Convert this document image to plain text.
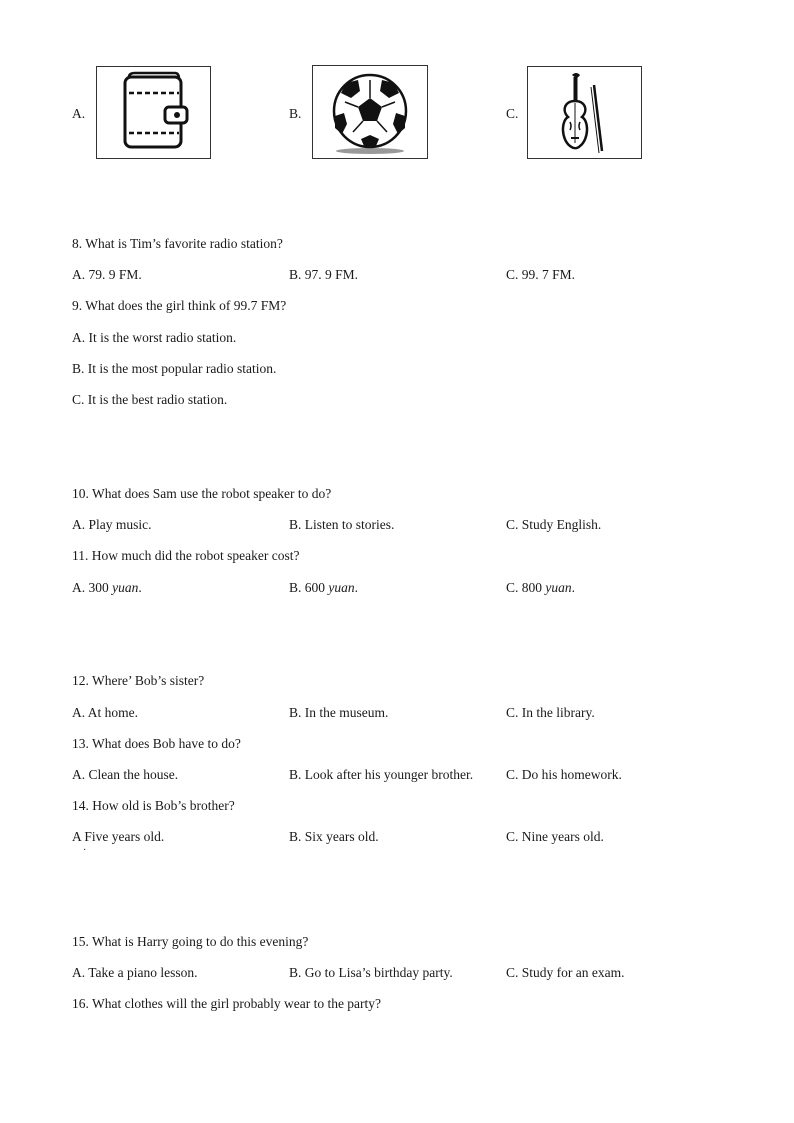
A.	B.	C.
8. What is Tim’s favorite radio station?
A. 79. 9 FM.	B. 97. 9 FM.	C. 99. 7 FM.
9. What does the girl think of 99.7 FM?
A. It is the worst radio station.
B. It is the most popular radio station.
C. It is the best radio station.
10. What does Sam use the robot speaker to do?
A. Play music.	B. Listen to stories.	C. Study English.
11. How much did the robot speaker cost?
A. 300 yuan.	B. 600 yuan.	C. 800 yuan.
12. Where’ Bob’s sister?
A. At home.	B. In the museum.	C. In the library.
13. What does Bob have to do?
A. Clean the house.	B. Look after his younger brother. C. Do his homework.
14. How old is Bob’s brother?
A Five years old.
·
B. Six years old.	C. Nine years old.
15. What is Harry going to do this evening?
A. Take a piano lesson.	B. Go to Lisa’s birthday party.	C. Study for an exam.
16. What clothes will the girl probably wear to the party?
